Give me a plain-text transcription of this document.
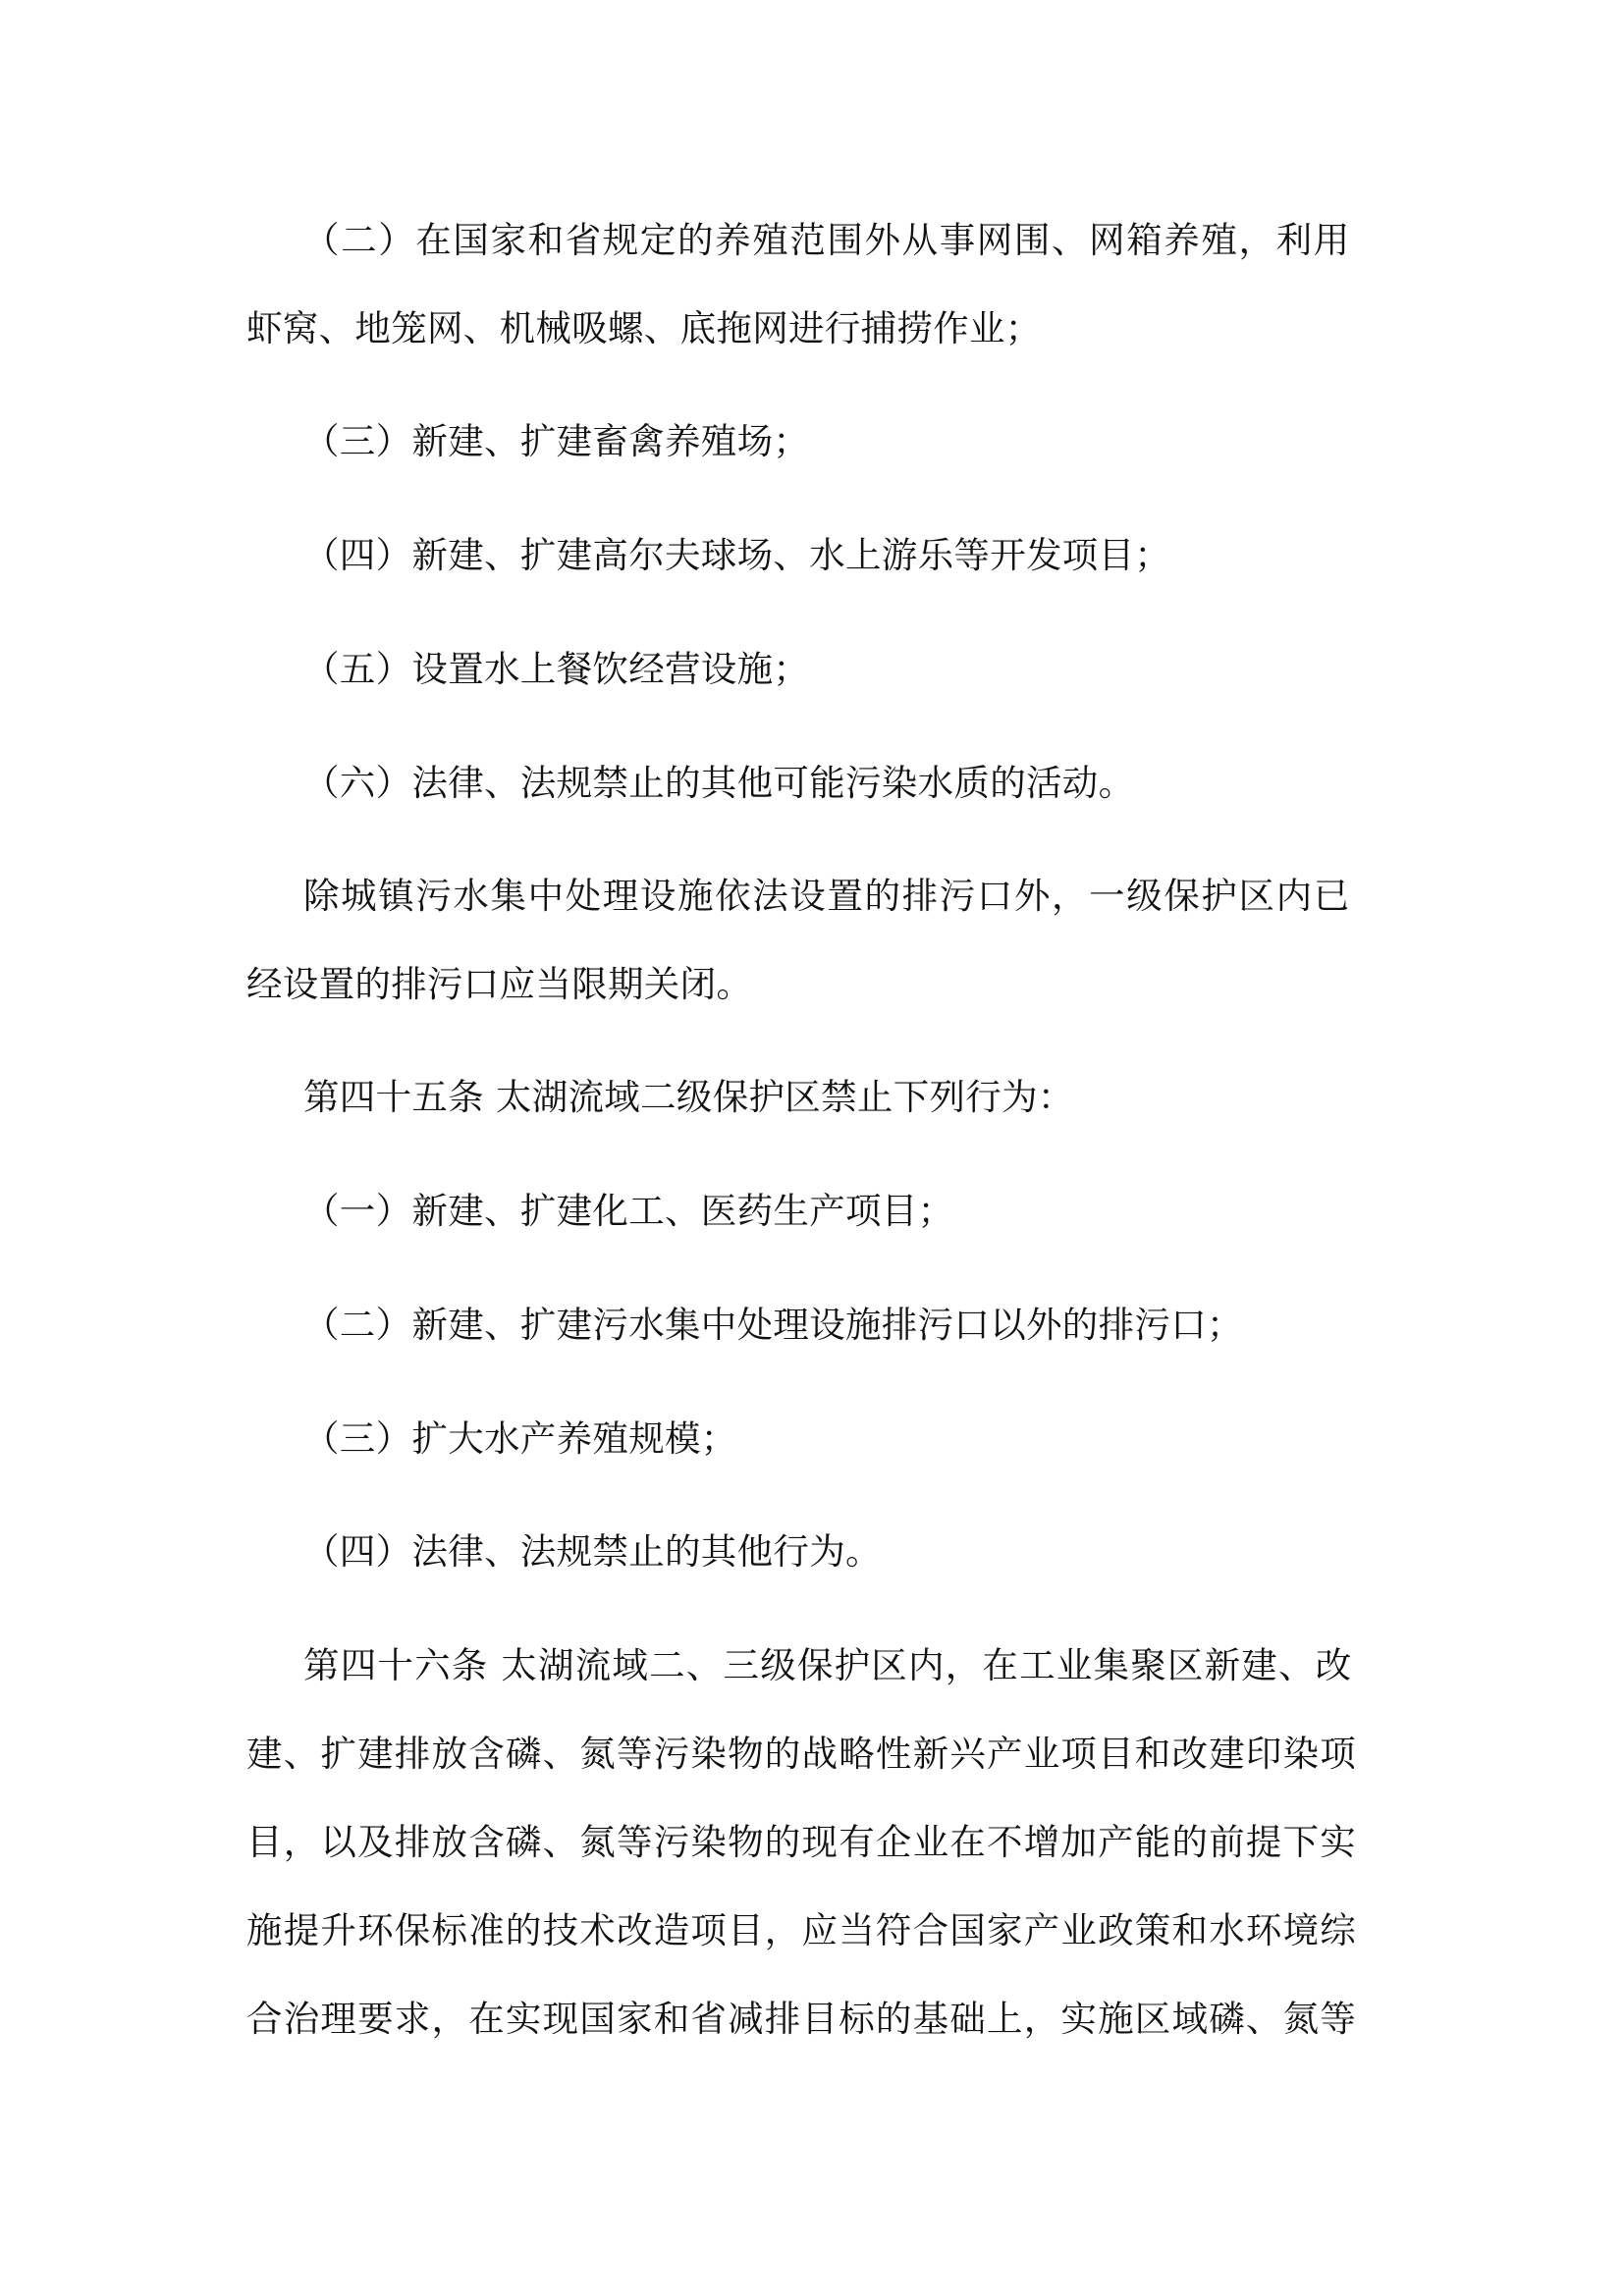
（二）在国家和省规定的养殖范围外从事网围、网箱养殖，利用
虾窝、地笼网、机械吸螺、底拖网进行捕捞作业；
（三）新建、扩建畜禽养殖场；
（四）新建、扩建高尔夫球场、水上游乐等开发项目；
（五）设置水上餐饮经营设施；
（六）法律、法规禁止的其他可能污染水质的活动。
除城镇污水集中处理设施依法设置的排污口外，一级保护区内已
经设置的排污口应当限期关闭。
第四十五条 太湖流域二级保护区禁止下列行为：
（一）新建、扩建化工、医药生产项目；
（二）新建、扩建污水集中处理设施排污口以外的排污口；
（三）扩大水产养殖规模；
（四）法律、法规禁止的其他行为。
第四十六条 太湖流域二、三级保护区内，在工业集聚区新建、改
建、扩建排放含磷、氮等污染物的战略性新兴产业项目和改建印染项
目，以及排放含磷、氮等污染物的现有企业在不增加产能的前提下实
施提升环保标准的技术改造项目，应当符合国家产业政策和水环境综
合治理要求，在实现国家和省减排目标的基础上，实施区域磷、氮等
